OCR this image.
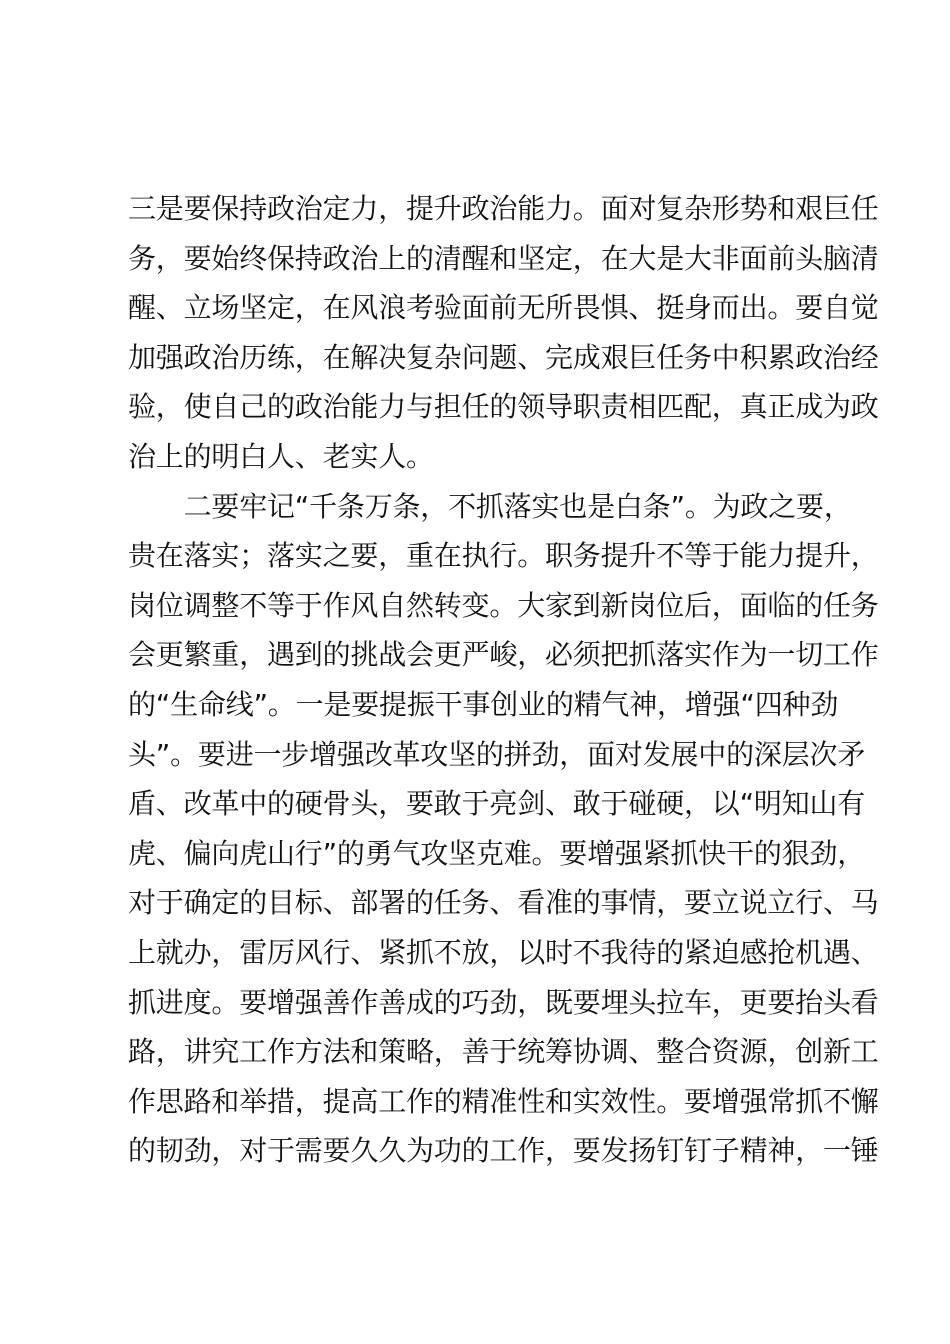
三是要保持政治定力，提升政治能力。面对复杂形势和艰巨任
务，要始终保持政治上的清醒和坚定，在大是大非面前头脑清
醒、立场坚定，在风浪考验面前无所畏惧、挺身而出。要自觉
加强政治历练，在解决复杂问题、完成艰巨任务中积累政治经
验，使自己的政治能力与担任的领导职责相匹配，真正成为政
治上的明白人、老实人。
　　二要牢记“千条万条，不抓落实也是白条”。为政之要，
贵在落实；落实之要，重在执行。职务提升不等于能力提升，
岗位调整不等于作风自然转变。大家到新岗位后，面临的任务
会更繁重，遇到的挑战会更严峻，必须把抓落实作为一切工作
的“生命线”。一是要提振干事创业的精气神，增强“四种劲
头”。要进一步增强改革攻坚的拼劲，面对发展中的深层次矛
盾、改革中的硬骨头，要敢于亮剑、敢于碰硬，以“明知山有
虎、偏向虎山行”的勇气攻坚克难。要增强紧抓快干的狠劲，
对于确定的目标、部署的任务、看准的事情，要立说立行、马
上就办，雷厉风行、紧抓不放，以时不我待的紧迫感抢机遇、
抓进度。要增强善作善成的巧劲，既要埋头拉车，更要抬头看
路，讲究工作方法和策略，善于统筹协调、整合资源，创新工
作思路和举措，提高工作的精准性和实效性。要增强常抓不懈
的韧劲，对于需要久久为功的工作，要发扬钉钉子精神，一锤
